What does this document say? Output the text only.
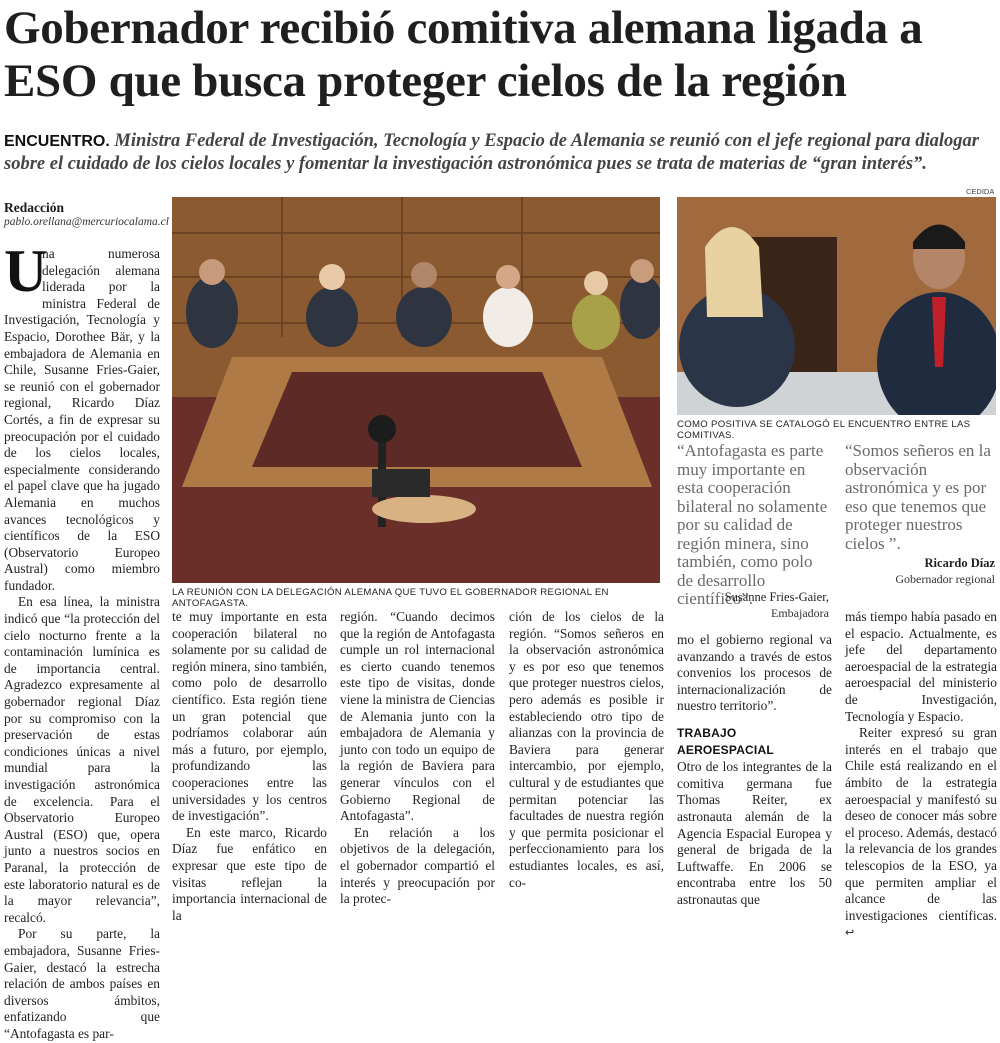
Gobernador recibió comitiva alemana ligada a ESO que busca proteger cielos de la región

ENCUENTRO. Ministra Federal de Investigación, Tecnología y Espacio de Alemania se reunió con el jefe regional para dialogar sobre el cuidado de los cielos locales y fomentar la investigación astronómica pues se trata de materias de “gran interés”.

Redacción
pablo.orellana@mercuriocalama.cl
U

na numerosa delegación alemana liderada por la ministra Federal de Investigación, Tecnología y Espacio, Dorothee Bär, y la embajadora de Alemania en Chile, Susanne Fries-Gaier, se reunió con el gobernador regional, Ricardo Díaz Cortés, a fin de expresar su preocupación por el cuidado de los cielos locales, especialmente considerando el papel clave que ha jugado Alemania en muchos avances tecnológicos y científicos de la ESO (Observatorio Europeo Austral) como miembro fundador.

En esa línea, la ministra indicó que “la protección del cielo nocturno frente a la contaminación lumínica es de importancia central. Agradezco expresamente al gobernador regional Díaz por su compromiso con la preservación de estas condiciones únicas a nivel mundial para la investigación astronómica de excelencia. Para el Observatorio Europeo Austral (ESO) que, opera junto a nuestros socios en Paranal, la protección de este laboratorio natural es de la mayor relevancia”, recalcó.

Por su parte, la embajadora, Susanne Fries-Gaier, destacó la estrecha relación de ambos países en diversos ámbitos, enfatizando que “Antofagasta es par-

LA REUNIÓN CON LA DELEGACIÓN ALEMANA QUE TUVO EL GOBERNADOR REGIONAL EN ANTOFAGASTA.
CEDIDA
COMO POSITIVA SE CATALOGÓ EL ENCUENTRO ENTRE LAS COMITIVAS.
“Antofagasta es parte muy importante en esta cooperación bilateral no solamente por su calidad de región minera, sino también, como polo de desarrollo científico”.
Susanne Fries-Gaier,
Embajadora
“Somos señeros en la observación astronómica y es por eso que tenemos que proteger nuestros cielos ”.
Ricardo Díaz
Gobernador regional

te muy importante en esta cooperación bilateral no solamente por su calidad de región minera, sino también, como polo de desarrollo científico. Esta región tiene un gran potencial que podríamos colaborar aún más a futuro, por ejemplo, profundizando las cooperaciones entre las universidades y los centros de investigación”.

En este marco, Ricardo Díaz fue enfático en expresar que este tipo de visitas reflejan la importancia internacional de la

región. “Cuando decimos que la región de Antofagasta cumple un rol internacional es cierto cuando tenemos este tipo de visitas, donde viene la ministra de Ciencias de Alemania junto con la embajadora de Alemania y junto con todo un equipo de la región de Baviera para generar vínculos con el Gobierno Regional de Antofagasta”.

En relación a los objetivos de la delegación, el gobernador compartió el interés y preocupación por la protec-

ción de los cielos de la región. “Somos señeros en la observación astronómica y es por eso que tenemos que proteger nuestros cielos, pero además es posible ir estableciendo otro tipo de alianzas con la provincia de Baviera para generar intercambio, por ejemplo, cultural y de estudiantes que permitan potenciar las facultades de nuestra región y que permita posicionar el perfeccionamiento para los estudiantes locales, es así, co-

mo el gobierno regional va avanzando a través de estos convenios los procesos de internacionalización de nuestro territorio”.

TRABAJO AEROESPACIAL

Otro de los integrantes de la comitiva germana fue Thomas Reiter, ex astronauta alemán de la Agencia Espacial Europea y general de brigada de la Luftwaffe. En 2006 se encontraba entre los 50 astronautas que

más tiempo había pasado en el espacio. Actualmente, es jefe del departamento aeroespacial de la estrategia aeroespacial del ministerio de Investigación, Tecnología y Espacio.

Reiter expresó su gran interés en el trabajo que Chile está realizando en el ámbito de la estrategia aeroespacial y manifestó su deseo de conocer más sobre el proceso. Además, destacó la relevancia de los grandes telescopios de la ESO, ya que permiten ampliar el alcance de las investigaciones científicas. ↩
